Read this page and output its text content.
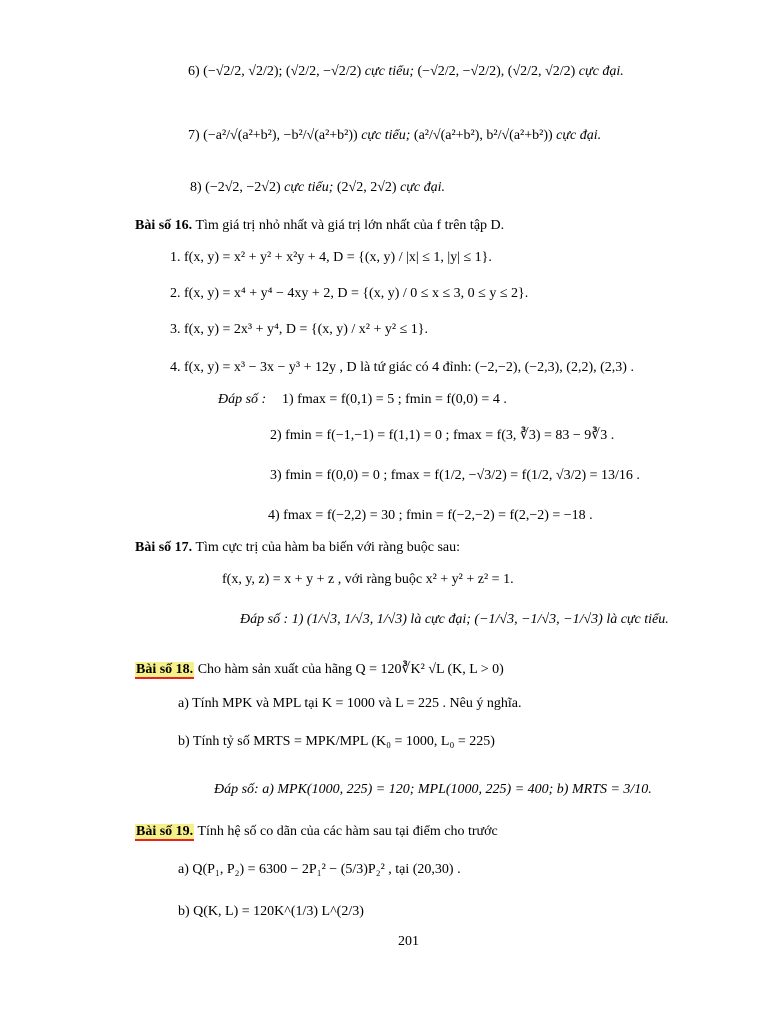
6) (−√2/2, √2/2); (√2/2, −√2/2) cực tiểu; (−√2/2, −√2/2), (√2/2, √2/2) cực đại.
7) (−a²/√(a²+b²), −b²/√(a²+b²)) cực tiểu; (a²/√(a²+b²), b²/√(a²+b²)) cực đại.
8) (−2√2, −2√2) cực tiểu; (2√2, 2√2) cực đại.
Bài số 16. Tìm giá trị nhỏ nhất và giá trị lớn nhất của f trên tập D.
1. f(x, y) = x² + y² + x²y + 4, D = {(x, y) / |x| ≤ 1, |y| ≤ 1}.
2. f(x, y) = x⁴ + y⁴ − 4xy + 2, D = {(x, y) / 0 ≤ x ≤ 3, 0 ≤ y ≤ 2}.
3. f(x, y) = 2x³ + y⁴, D = {(x, y) / x² + y² ≤ 1}.
4. f(x, y) = x³ − 3x − y³ + 12y , D là tứ giác có 4 đỉnh: (−2,−2), (−2,3), (2,2), (2,3) .
Đáp số : 1) fmax = f(0,1) = 5 ; fmin = f(0,0) = 4 .
2) fmin = f(−1,−1) = f(1,1) = 0 ; fmax = f(3, ∛3) = 83 − 9∛3 .
3) fmin = f(0,0) = 0 ; fmax = f(1/2, −√3/2) = f(1/2, √3/2) = 13/16 .
4) fmax = f(−2,2) = 30 ; fmin = f(−2,−2) = f(2,−2) = −18 .
Bài số 17. Tìm cực trị của hàm ba biến với ràng buộc sau:
f(x, y, z) = x + y + z , với ràng buộc x² + y² + z² = 1.
Đáp số : 1) (1/√3, 1/√3, 1/√3) là cực đại; (−1/√3, −1/√3, −1/√3) là cực tiểu.
Bài số 18. Cho hàm sản xuất của hãng Q = 120∛K² √L (K, L > 0)
a) Tính MPK và MPL tại K = 1000 và L = 225 . Nêu ý nghĩa.
b) Tính tỷ số MRTS = MPK/MPL (K₀ = 1000, L₀ = 225)
Đáp số: a) MPK(1000, 225) = 120; MPL(1000, 225) = 400; b) MRTS = 3/10.
Bài số 19. Tính hệ số co dãn của các hàm sau tại điểm cho trước
a) Q(P₁, P₂) = 6300 − 2P₁² − (5/3)P₂² , tại (20,30) .
b) Q(K, L) = 120K^(1/3) L^(2/3)
201
